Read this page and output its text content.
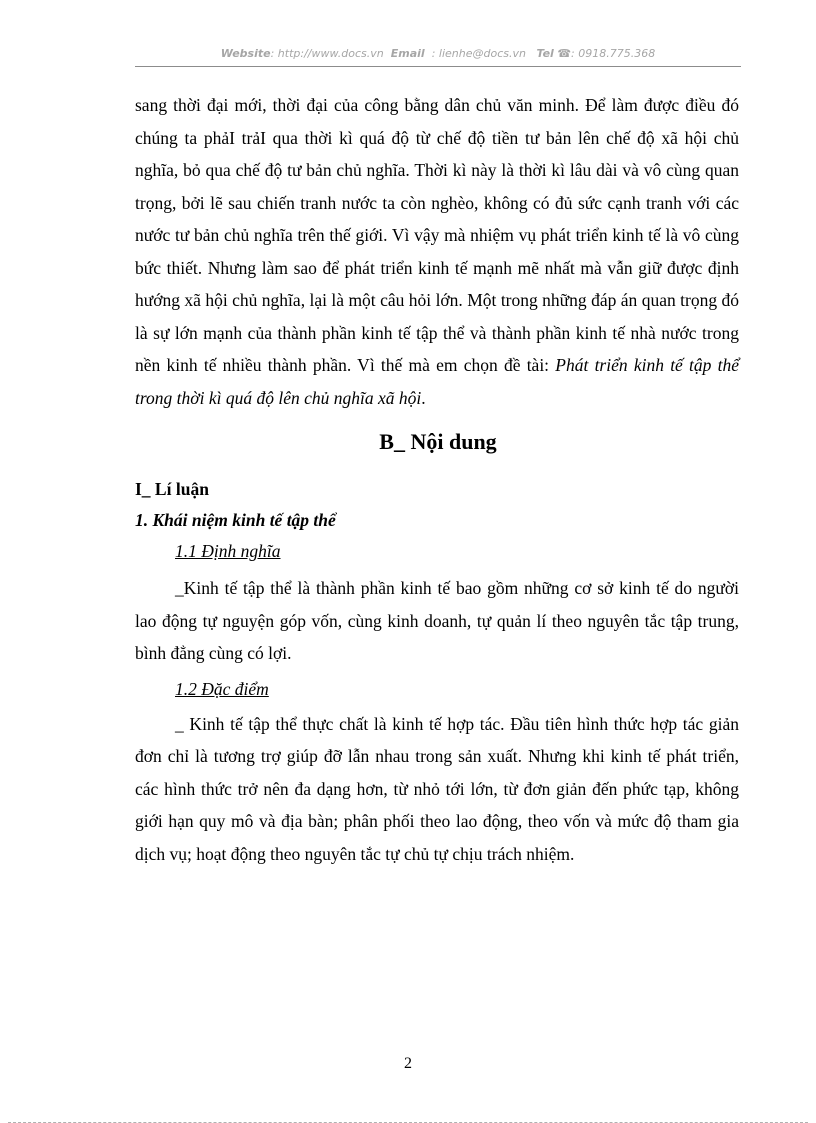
Website: http://www.docs.vn Email : lienhe@docs.vn Tel ☎: 0918.775.368

sang thời đại mới, thời đại của công bằng dân chủ văn minh. Để làm được điều đó chúng ta phảI trảI qua thời kì quá độ từ chế độ tiền tư bản lên chế độ xã hội chủ nghĩa, bỏ qua chế độ tư bản chủ nghĩa. Thời kì này là thời kì lâu dài và vô cùng quan trọng, bởi lẽ sau chiến tranh nước ta còn nghèo, không có đủ sức cạnh tranh với các nước tư bản chủ nghĩa trên thế giới. Vì vậy mà nhiệm vụ phát triển kinh tế là vô cùng bức thiết. Nhưng làm sao để phát triển kinh tế mạnh mẽ nhất mà vẫn giữ được định hướng xã hội chủ nghĩa, lại là một câu hỏi lớn. Một trong những đáp án quan trọng đó là sự lớn mạnh của thành phần kinh tế tập thể và thành phần kinh tế nhà nước trong nền kinh tế nhiều thành phần. Vì thế mà em chọn đề tài: Phát triển kinh tế tập thể trong thời kì quá độ lên chủ nghĩa xã hội.

B_ Nội dung

I_ Lí luận

1. Khái niệm kinh tế tập thể

1.1 Định nghĩa

_Kinh tế tập thể là thành phần kinh tế bao gồm những cơ sở kinh tế do người lao động tự nguyện góp vốn, cùng kinh doanh, tự quản lí theo nguyên tắc tập trung, bình đẳng cùng có lợi.

1.2 Đặc điểm

_ Kinh tế tập thể thực chất là kinh tế hợp tác. Đầu tiên hình thức hợp tác giản đơn chỉ là tương trợ giúp đỡ lẫn nhau trong sản xuất. Nhưng khi kinh tế phát triển, các hình thức trở nên đa dạng hơn, từ nhỏ tới lớn, từ đơn giản đến phức tạp, không giới hạn quy mô và địa bàn; phân phối theo lao động, theo vốn và mức độ tham gia dịch vụ; hoạt động theo nguyên tắc tự chủ tự chịu trách nhiệm.

2
